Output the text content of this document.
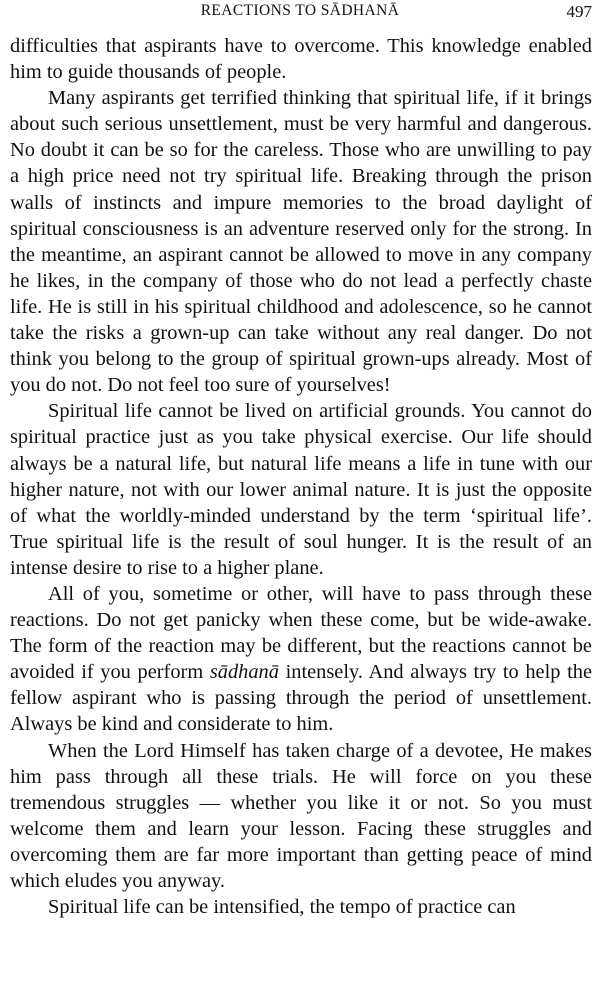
REACTIONS TO SĀDHANĀ	497

difficulties that aspirants have to overcome. This knowledge enabled him to guide thousands of people.

Many aspirants get terrified thinking that spiritual life, if it brings about such serious unsettlement, must be very harmful and dangerous. No doubt it can be so for the careless. Those who are unwilling to pay a high price need not try spiritual life. Breaking through the prison walls of instincts and impure memories to the broad daylight of spiritual consciousness is an adventure reserved only for the strong. In the meantime, an aspirant cannot be allowed to move in any company he likes, in the company of those who do not lead a perfectly chaste life. He is still in his spiritual childhood and adolescence, so he cannot take the risks a grown-up can take without any real danger. Do not think you belong to the group of spiritual grown-ups already. Most of you do not. Do not feel too sure of yourselves!

Spiritual life cannot be lived on artificial grounds. You cannot do spiritual practice just as you take physical exercise. Our life should always be a natural life, but natural life means a life in tune with our higher nature, not with our lower animal nature. It is just the opposite of what the worldly-minded understand by the term ‘spiritual life’. True spiritual life is the result of soul hunger. It is the result of an intense desire to rise to a higher plane.

All of you, sometime or other, will have to pass through these reactions. Do not get panicky when these come, but be wide-awake. The form of the reaction may be different, but the reactions cannot be avoided if you perform sādhanā intensely. And always try to help the fellow aspirant who is passing through the period of unsettlement. Always be kind and considerate to him.

When the Lord Himself has taken charge of a devotee, He makes him pass through all these trials. He will force on you these tremendous struggles — whether you like it or not. So you must welcome them and learn your lesson. Facing these struggles and overcoming them are far more important than getting peace of mind which eludes you anyway.

Spiritual life can be intensified, the tempo of practice can
